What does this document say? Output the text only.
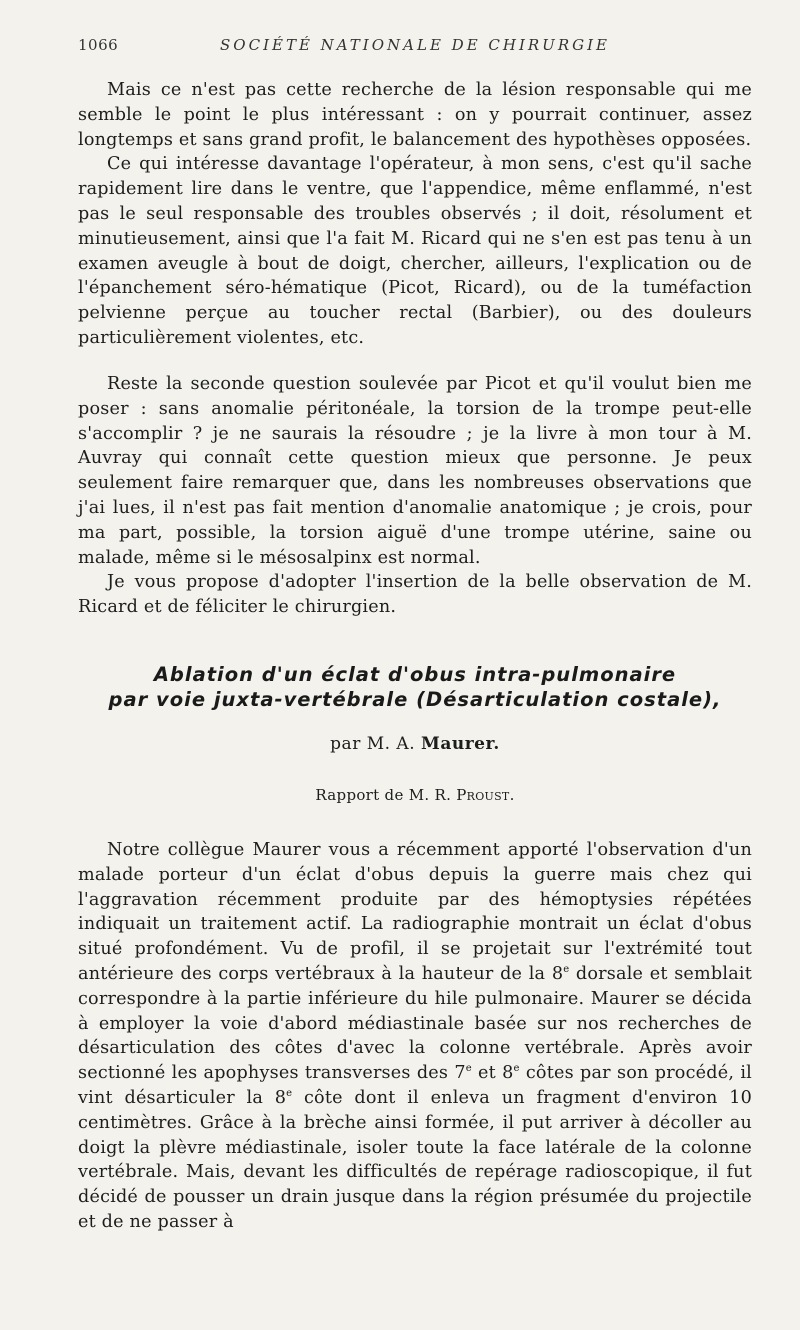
1066	SOCIÉTÉ NATIONALE DE CHIRURGIE

Mais ce n'est pas cette recherche de la lésion responsable qui me semble le point le plus intéressant : on y pourrait continuer, assez longtemps et sans grand profit, le balancement des hypothèses opposées.

Ce qui intéresse davantage l'opérateur, à mon sens, c'est qu'il sache rapidement lire dans le ventre, que l'appendice, même enflammé, n'est pas le seul responsable des troubles observés ; il doit, résolument et minutieusement, ainsi que l'a fait M. Ricard qui ne s'en est pas tenu à un examen aveugle à bout de doigt, chercher, ailleurs, l'explication ou de l'épanchement séro-hématique (Picot, Ricard), ou de la tuméfaction pelvienne perçue au toucher rectal (Barbier), ou des douleurs particulièrement violentes, etc.

Reste la seconde question soulevée par Picot et qu'il voulut bien me poser : sans anomalie péritonéale, la torsion de la trompe peut-elle s'accomplir ? je ne saurais la résoudre ; je la livre à mon tour à M. Auvray qui connaît cette question mieux que personne. Je peux seulement faire remarquer que, dans les nombreuses observations que j'ai lues, il n'est pas fait mention d'anomalie anatomique ; je crois, pour ma part, possible, la torsion aiguë d'une trompe utérine, saine ou malade, même si le mésosalpinx est normal.

Je vous propose d'adopter l'insertion de la belle observation de M. Ricard et de féliciter le chirurgien.

Ablation d'un éclat d'obus intra-pulmonaire
par voie juxta-vertébrale (Désarticulation costale),
par M. A. Maurer.
Rapport de M. R. Proust.

Notre collègue Maurer vous a récemment apporté l'observation d'un malade porteur d'un éclat d'obus depuis la guerre mais chez qui l'aggravation récemment produite par des hémoptysies répétées indiquait un traitement actif. La radiographie montrait un éclat d'obus situé profondément. Vu de profil, il se projetait sur l'extrémité tout antérieure des corps vertébraux à la hauteur de la 8e dorsale et semblait correspondre à la partie inférieure du hile pulmonaire. Maurer se décida à employer la voie d'abord médiastinale basée sur nos recherches de désarticulation des côtes d'avec la colonne vertébrale. Après avoir sectionné les apophyses transverses des 7e et 8e côtes par son procédé, il vint désarticuler la 8e côte dont il enleva un fragment d'environ 10 centimètres. Grâce à la brèche ainsi formée, il put arriver à décoller au doigt la plèvre médiastinale, isoler toute la face latérale de la colonne vertébrale. Mais, devant les difficultés de repérage radioscopique, il fut décidé de pousser un drain jusque dans la région présumée du projectile et de ne passer à
